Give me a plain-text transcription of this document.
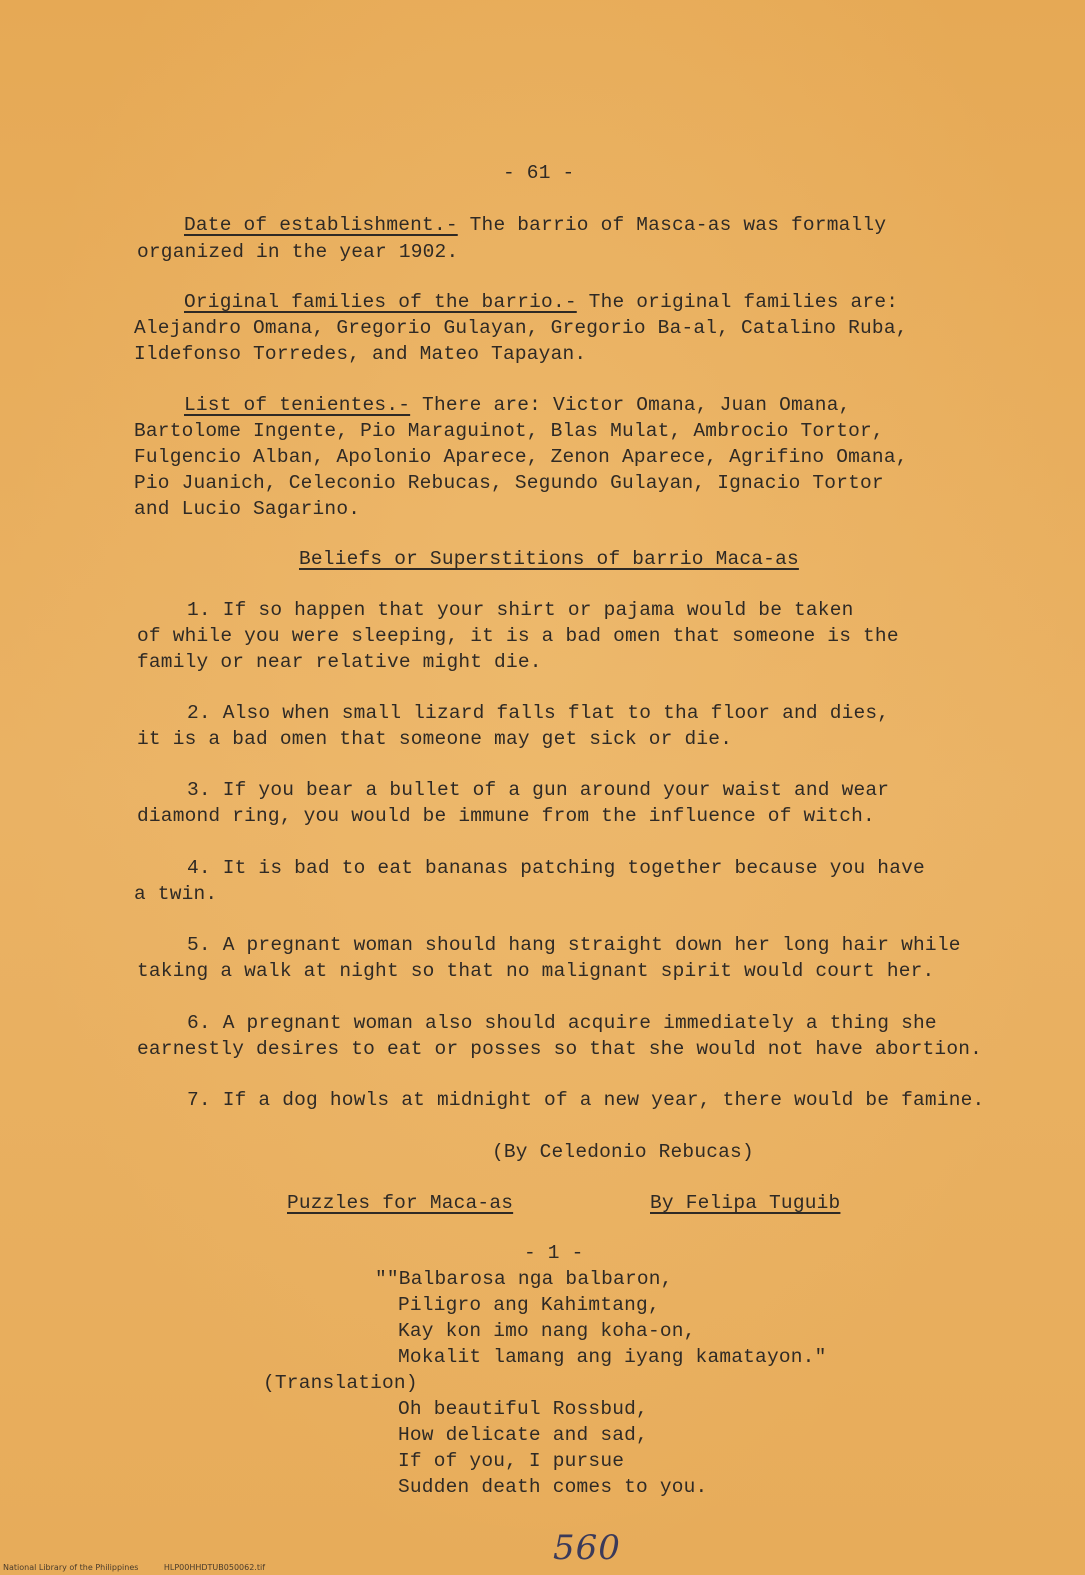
- 61 -
Date of establishment.- The barrio of Masca-as was formally
organized in the year 1902.
Original families of the barrio.- The original families are:
Alejandro Omana, Gregorio Gulayan, Gregorio Ba-al, Catalino Ruba,
Ildefonso Torredes, and Mateo Tapayan.
List of tenientes.- There are: Victor Omana, Juan Omana,
Bartolome Ingente, Pio Maraguinot, Blas Mulat, Ambrocio Tortor,
Fulgencio Alban, Apolonio Aparece, Zenon Aparece, Agrifino Omana,
Pio Juanich, Celeconio Rebucas, Segundo Gulayan, Ignacio Tortor
and Lucio Sagarino.
Beliefs or Superstitions of barrio Maca-as
1. If so happen that your shirt or pajama would be taken
of while you were sleeping, it is a bad omen that someone is the
family or near relative might die.
2. Also when small lizard falls flat to tha floor and dies,
it is a bad omen that someone may get sick or die.
3. If you bear a bullet of a gun around your waist and wear
diamond ring, you would be immune from the influence of witch.
4. It is bad to eat bananas patching together because you have
a twin.
5. A pregnant woman should hang straight down her long hair while
taking a walk at night so that no malignant spirit would court her.
6. A pregnant woman also should acquire immediately a thing she
earnestly desires to eat or posses so that she would not have abortion.
7. If a dog howls at midnight of a new year, there would be famine.
(By Celedonio Rebucas)
Puzzles for Maca-as	By Felipa Tuguib
- 1 -
""Balbarosa nga balbaron,
Piligro ang Kahimtang,
Kay kon imo nang koha-on,
Mokalit lamang ang iyang kamatayon."
(Translation)
Oh beautiful Rossbud,
How delicate and sad,
If of you, I pursue
Sudden death comes to you.
560
National Library of the Philippines	HLP00HHDTUB050062.tif
